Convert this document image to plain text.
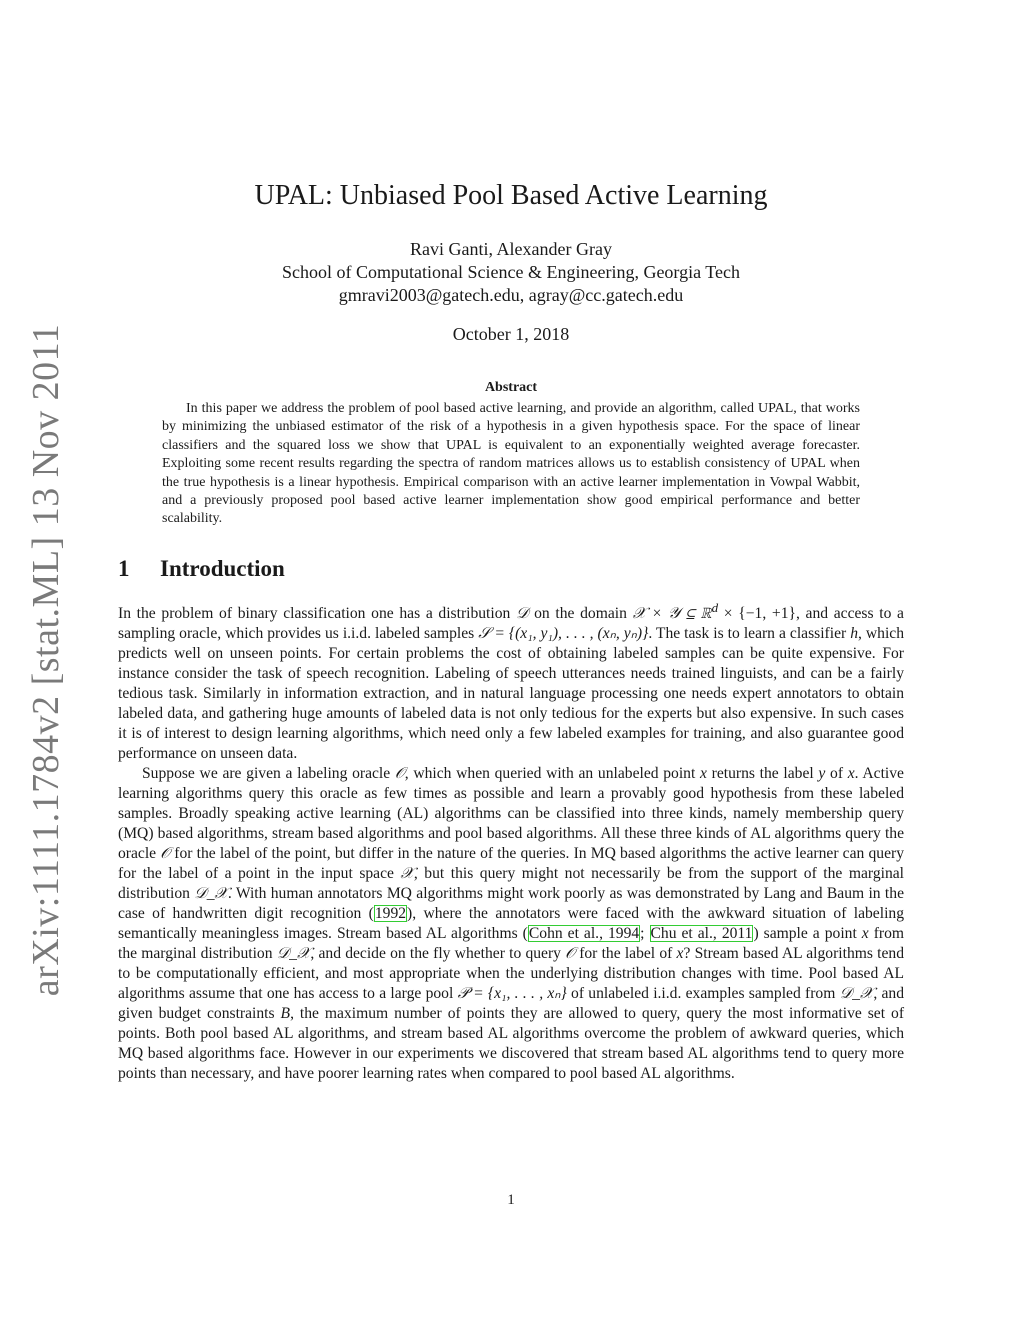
arXiv:1111.1784v2 [stat.ML] 13 Nov 2011
UPAL: Unbiased Pool Based Active Learning
Ravi Ganti, Alexander Gray
School of Computational Science & Engineering, Georgia Tech
gmravi2003@gatech.edu, agray@cc.gatech.edu
October 1, 2018
Abstract
In this paper we address the problem of pool based active learning, and provide an algorithm, called UPAL, that works by minimizing the unbiased estimator of the risk of a hypothesis in a given hypothesis space. For the space of linear classifiers and the squared loss we show that UPAL is equivalent to an exponentially weighted average forecaster. Exploiting some recent results regarding the spectra of random matrices allows us to establish consistency of UPAL when the true hypothesis is a linear hypothesis. Empirical comparison with an active learner implementation in Vowpal Wabbit, and a previously proposed pool based active learner implementation show good empirical performance and better scalability.
1 Introduction

In the problem of binary classification one has a distribution 𝒟 on the domain 𝒳 × 𝒴 ⊆ ℝ$^d$ × {−1, +1}, and access to a sampling oracle, which provides us i.i.d. labeled samples 𝒮 = {(x₁, y₁), . . . , (xₙ, yₙ)}. The task is to learn a classifier h, which predicts well on unseen points. For certain problems the cost of obtaining labeled samples can be quite expensive. For instance consider the task of speech recognition. Labeling of speech utterances needs trained linguists, and can be a fairly tedious task. Similarly in information extraction, and in natural language processing one needs expert annotators to obtain labeled data, and gathering huge amounts of labeled data is not only tedious for the experts but also expensive. In such cases it is of interest to design learning algorithms, which need only a few labeled examples for training, and also guarantee good performance on unseen data.

Suppose we are given a labeling oracle 𝒪, which when queried with an unlabeled point x returns the label y of x. Active learning algorithms query this oracle as few times as possible and learn a provably good hypothesis from these labeled samples. Broadly speaking active learning (AL) algorithms can be classified into three kinds, namely membership query (MQ) based algorithms, stream based algorithms and pool based algorithms. All these three kinds of AL algorithms query the oracle 𝒪 for the label of the point, but differ in the nature of the queries. In MQ based algorithms the active learner can query for the label of a point in the input space 𝒳, but this query might not necessarily be from the support of the marginal distribution 𝒟_𝒳. With human annotators MQ algorithms might work poorly as was demonstrated by Lang and Baum in the case of handwritten digit recognition (1992), where the annotators were faced with the awkward situation of labeling semantically meaningless images. Stream based AL algorithms (Cohn et al., 1994; Chu et al., 2011) sample a point x from the marginal distribution 𝒟_𝒳, and decide on the fly whether to query 𝒪 for the label of x? Stream based AL algorithms tend to be computationally efficient, and most appropriate when the underlying distribution changes with time. Pool based AL algorithms assume that one has access to a large pool 𝒫 = {x₁, . . . , xₙ} of unlabeled i.i.d. examples sampled from 𝒟_𝒳, and given budget constraints B, the maximum number of points they are allowed to query, query the most informative set of points. Both pool based AL algorithms, and stream based AL algorithms overcome the problem of awkward queries, which MQ based algorithms face. However in our experiments we discovered that stream based AL algorithms tend to query more points than necessary, and have poorer learning rates when compared to pool based AL algorithms.

1
